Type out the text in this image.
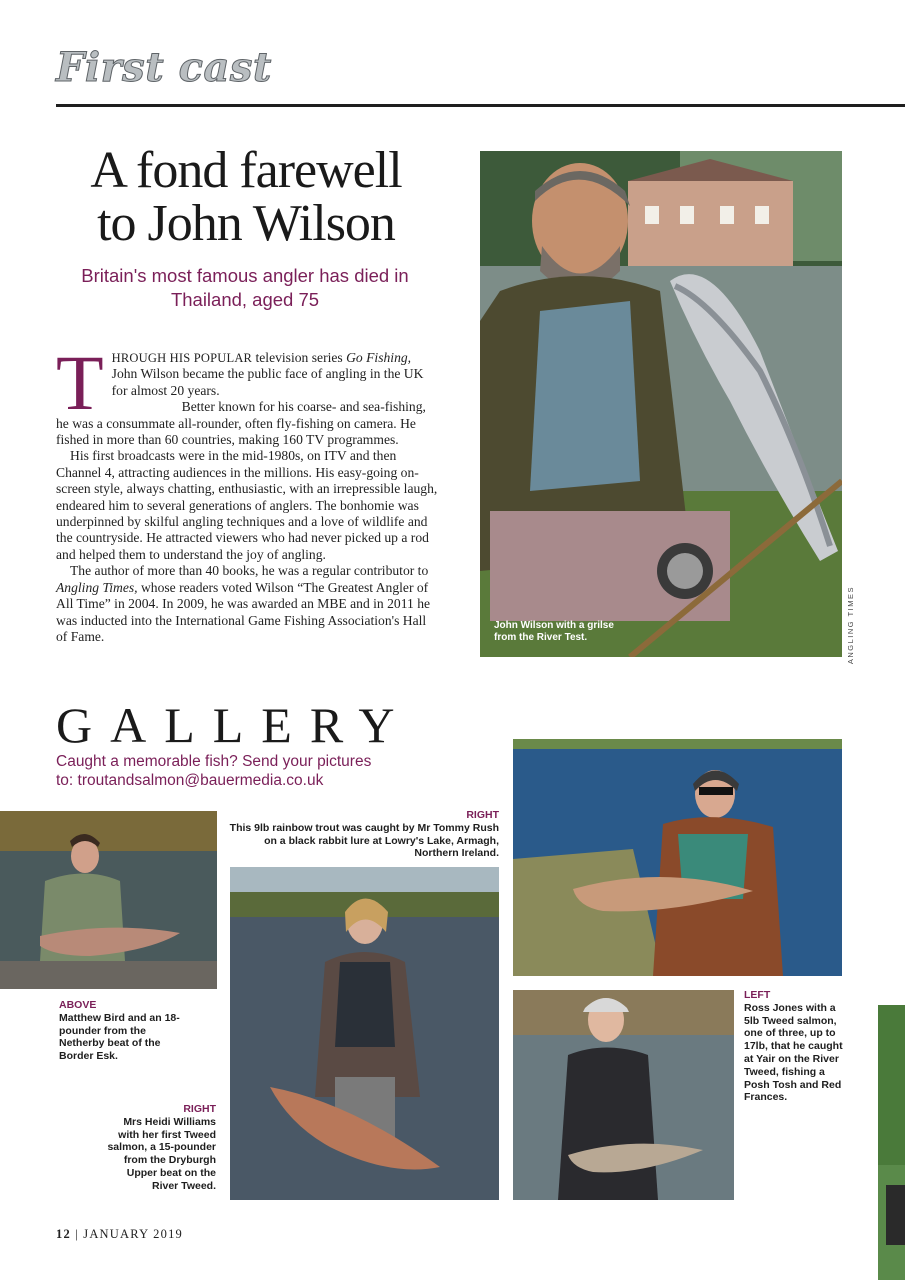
First cast
A fond farewell
to John Wilson
Britain's most famous angler has died in Thailand, aged 75

THROUGH HIS POPULAR television series Go Fishing, John Wilson became the public face of angling in the UK for almost 20 years.

Better known for his coarse- and sea-fishing, he was a consummate all-rounder, often fly-fishing on camera. He fished in more than 60 countries, making 160 TV programmes.

His first broadcasts were in the mid-1980s, on ITV and then Channel 4, attracting audiences in the millions. His easy-going on-screen style, always chatting, enthusiastic, with an irrepressible laugh, endeared him to several generations of anglers. The bonhomie was underpinned by skilful angling techniques and a love of wildlife and the countryside. He attracted viewers who had never picked up a rod and helped them to understand the joy of angling.

The author of more than 40 books, he was a regular contributor to Angling Times, whose readers voted Wilson “The Greatest Angler of All Time” in 2004. In 2009, he was awarded an MBE and in 2011 he was inducted into the International Game Fishing Association's Hall of Fame.

John Wilson with a grilse from the River Test.	ANGLING TIMES
GALLERY
Caught a memorable fish? Send your pictures
to: troutandsalmon@bauermedia.co.uk
RIGHT
This 9lb rainbow trout was caught by Mr Tommy Rush on a black rabbit lure at Lowry's Lake, Armagh, Northern Ireland.
ABOVE
Matthew Bird and an 18-pounder from the Netherby beat of the Border Esk.
RIGHT
Mrs Heidi Williams with her first Tweed salmon, a 15-pounder from the Dryburgh Upper beat on the River Tweed.
LEFT
Ross Jones with a 5lb Tweed salmon, one of three, up to 17lb, that he caught at Yair on the River Tweed, fishing a Posh Tosh and Red Frances.
12 | JANUARY 2019
